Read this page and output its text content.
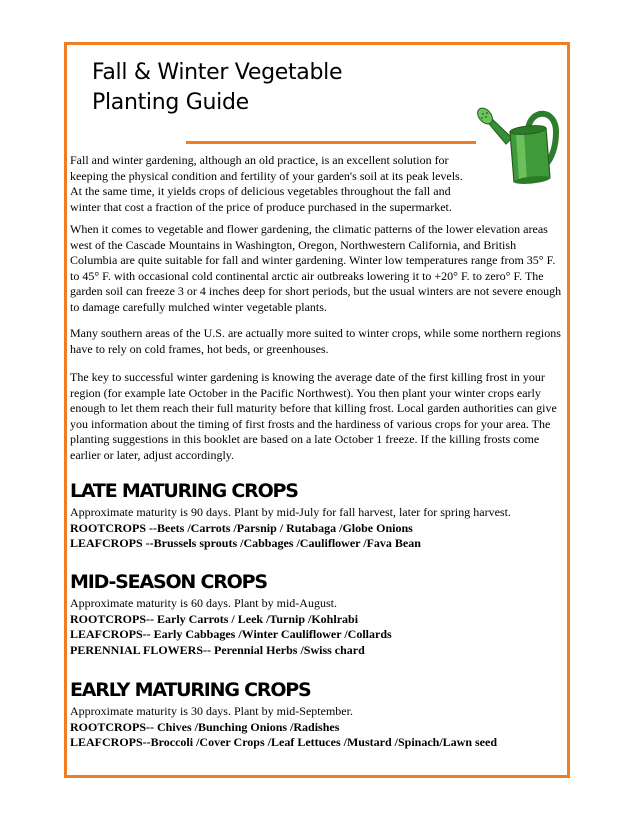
Fall & Winter Vegetable
Planting Guide

Fall and winter gardening, although an old practice, is an excellent solution for keeping the physical condition and fertility of your garden's soil at its peak levels. At the same time, it yields crops of delicious vegetables throughout the fall and winter that cost a fraction of the price of produce purchased in the supermarket.

When it comes to vegetable and flower gardening, the climatic patterns of the lower elevation areas west of the Cascade Mountains in Washington, Oregon, Northwestern California, and British Columbia are quite suitable for fall and winter gardening. Winter low temperatures range from 35° F. to 45° F. with occasional cold continental arctic air outbreaks lowering it to +20° F. to zero° F. The garden soil can freeze 3 or 4 inches deep for short periods, but the usual winters are not severe enough to damage carefully mulched winter vegetable plants.

Many southern areas of the U.S. are actually more suited to winter crops, while some northern regions have to rely on cold frames, hot beds, or greenhouses.

The key to successful winter gardening is knowing the average date of the first killing frost in your region (for example late October in the Pacific Northwest). You then plant your winter crops early enough to let them reach their full maturity before that killing frost. Local garden authorities can give you information about the timing of first frosts and the hardiness of various crops for your area. The planting suggestions in this booklet are based on a late October 1 freeze. If the killing frosts come earlier or later, adjust accordingly.

LATE MATURING CROPS
Approximate maturity is 90 days. Plant by mid-July for fall harvest, later for spring harvest.
ROOTCROPS --Beets /Carrots /Parsnip / Rutabaga /Globe Onions
LEAFCROPS --Brussels sprouts /Cabbages /Cauliflower /Fava Bean
MID-SEASON CROPS
Approximate maturity is 60 days. Plant by mid-August.
ROOTCROPS-- Early Carrots / Leek /Turnip /Kohlrabi
LEAFCROPS-- Early Cabbages /Winter Cauliflower /Collards
PERENNIAL FLOWERS-- Perennial Herbs /Swiss chard
EARLY MATURING CROPS
Approximate maturity is 30 days. Plant by mid-September.
ROOTCROPS-- Chives /Bunching Onions /Radishes
LEAFCROPS--Broccoli /Cover Crops /Leaf Lettuces /Mustard /Spinach/Lawn seed
